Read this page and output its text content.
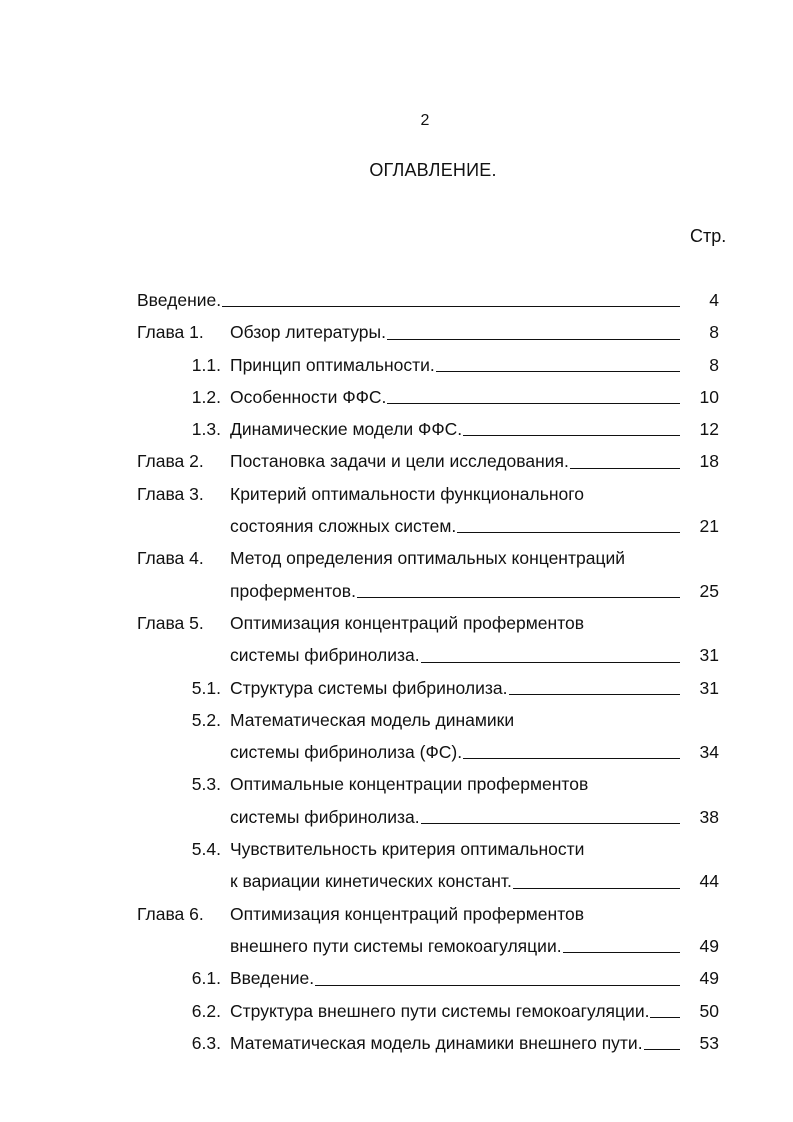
2
ОГЛАВЛЕНИЕ.
Стр.
Введение.	4
Глава 1. Обзор литературы.	8
1.1. Принцип оптимальности.	8
1.2. Особенности ФФС.	10
1.3. Динамические модели ФФС.	12
Глава 2. Постановка задачи и цели исследования.	18
Глава 3. Критерий оптимальности функционального
состояния сложных систем.	21
Глава 4. Метод определения оптимальных концентраций
проферментов.	25
Глава 5. Оптимизация концентраций проферментов
системы фибринолиза.	31
5.1. Структура системы фибринолиза.	31
5.2. Математическая модель динамики
системы фибринолиза (ФС).	34
5.3. Оптимальные концентрации проферментов
системы фибринолиза.	38
5.4. Чувствительность критерия оптимальности
к вариации кинетических констант.	44
Глава 6. Оптимизация концентраций проферментов
внешнего пути системы гемокоагуляции.	49
6.1. Введение.	49
6.2. Структура внешнего пути системы гемокоагуляции.	50
6.3. Математическая модель динамики внешнего пути.	53
